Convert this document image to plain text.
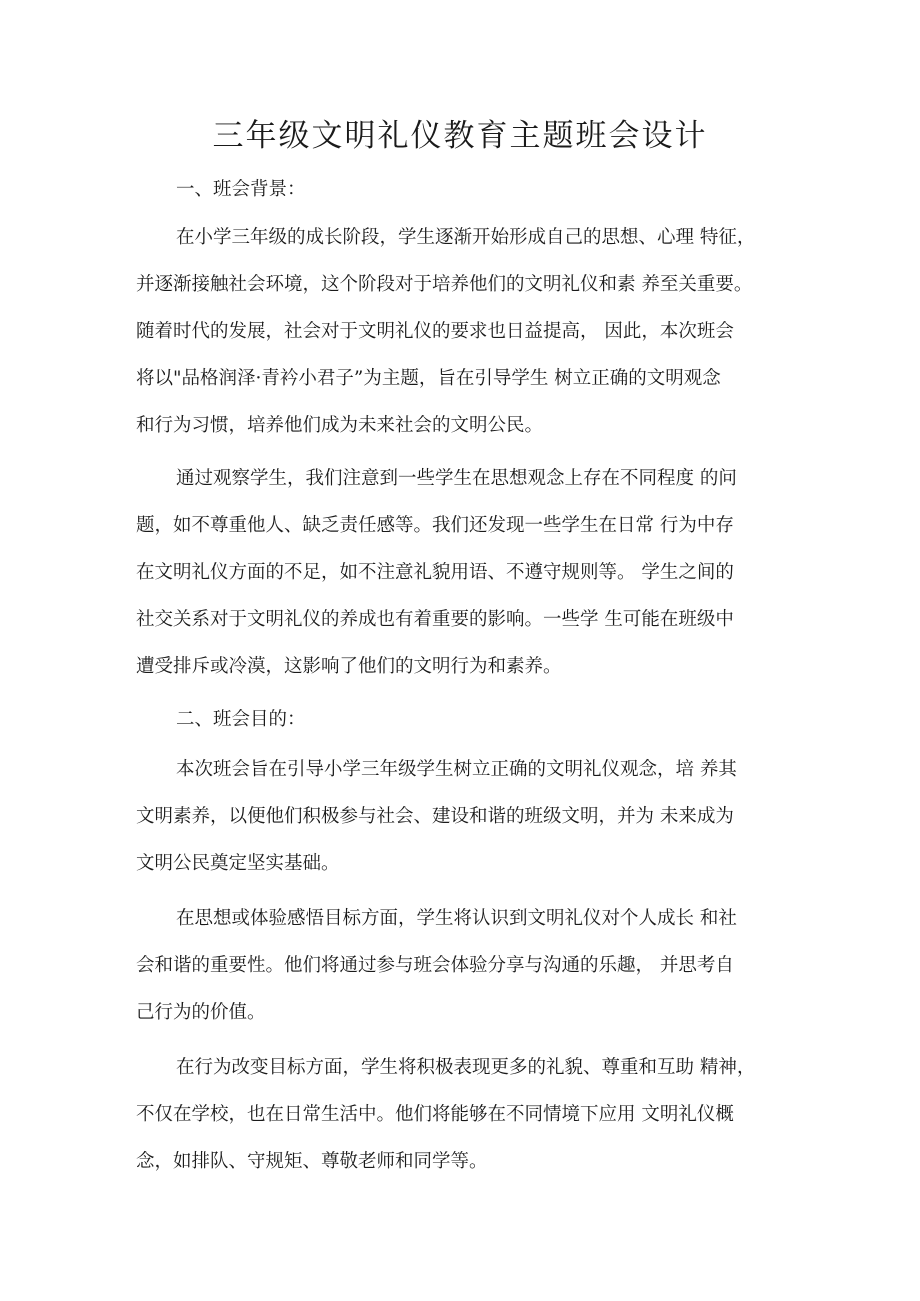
三年级文明礼仪教育主题班会设计
一、班会背景：

在小学三年级的成长阶段，学生逐渐开始形成自己的思想、心理 特征，
并逐渐接触社会环境，这个阶段对于培养他们的文明礼仪和素 养至关重要。
随着时代的发展，社会对于文明礼仪的要求也日益提高， 因此，本次班会
将以"品格润泽·青衿小君子”为主题，旨在引导学生 树立正确的文明观念
和行为习惯，培养他们成为未来社会的文明公民。

通过观察学生，我们注意到一些学生在思想观念上存在不同程度 的问
题，如不尊重他人、缺乏责任感等。我们还发现一些学生在日常 行为中存
在文明礼仪方面的不足，如不注意礼貌用语、不遵守规则等。 学生之间的
社交关系对于文明礼仪的养成也有着重要的影响。一些学 生可能在班级中
遭受排斥或冷漠，这影响了他们的文明行为和素养。

二、班会目的：

本次班会旨在引导小学三年级学生树立正确的文明礼仪观念，培 养其
文明素养，以便他们积极参与社会、建设和谐的班级文明，并为 未来成为
文明公民奠定坚实基础。

在思想或体验感悟目标方面，学生将认识到文明礼仪对个人成长 和社
会和谐的重要性。他们将通过参与班会体验分享与沟通的乐趣， 并思考自
己行为的价值。

在行为改变目标方面，学生将积极表现更多的礼貌、尊重和互助 精神，
不仅在学校，也在日常生活中。他们将能够在不同情境下应用 文明礼仪概
念，如排队、守规矩、尊敬老师和同学等。
